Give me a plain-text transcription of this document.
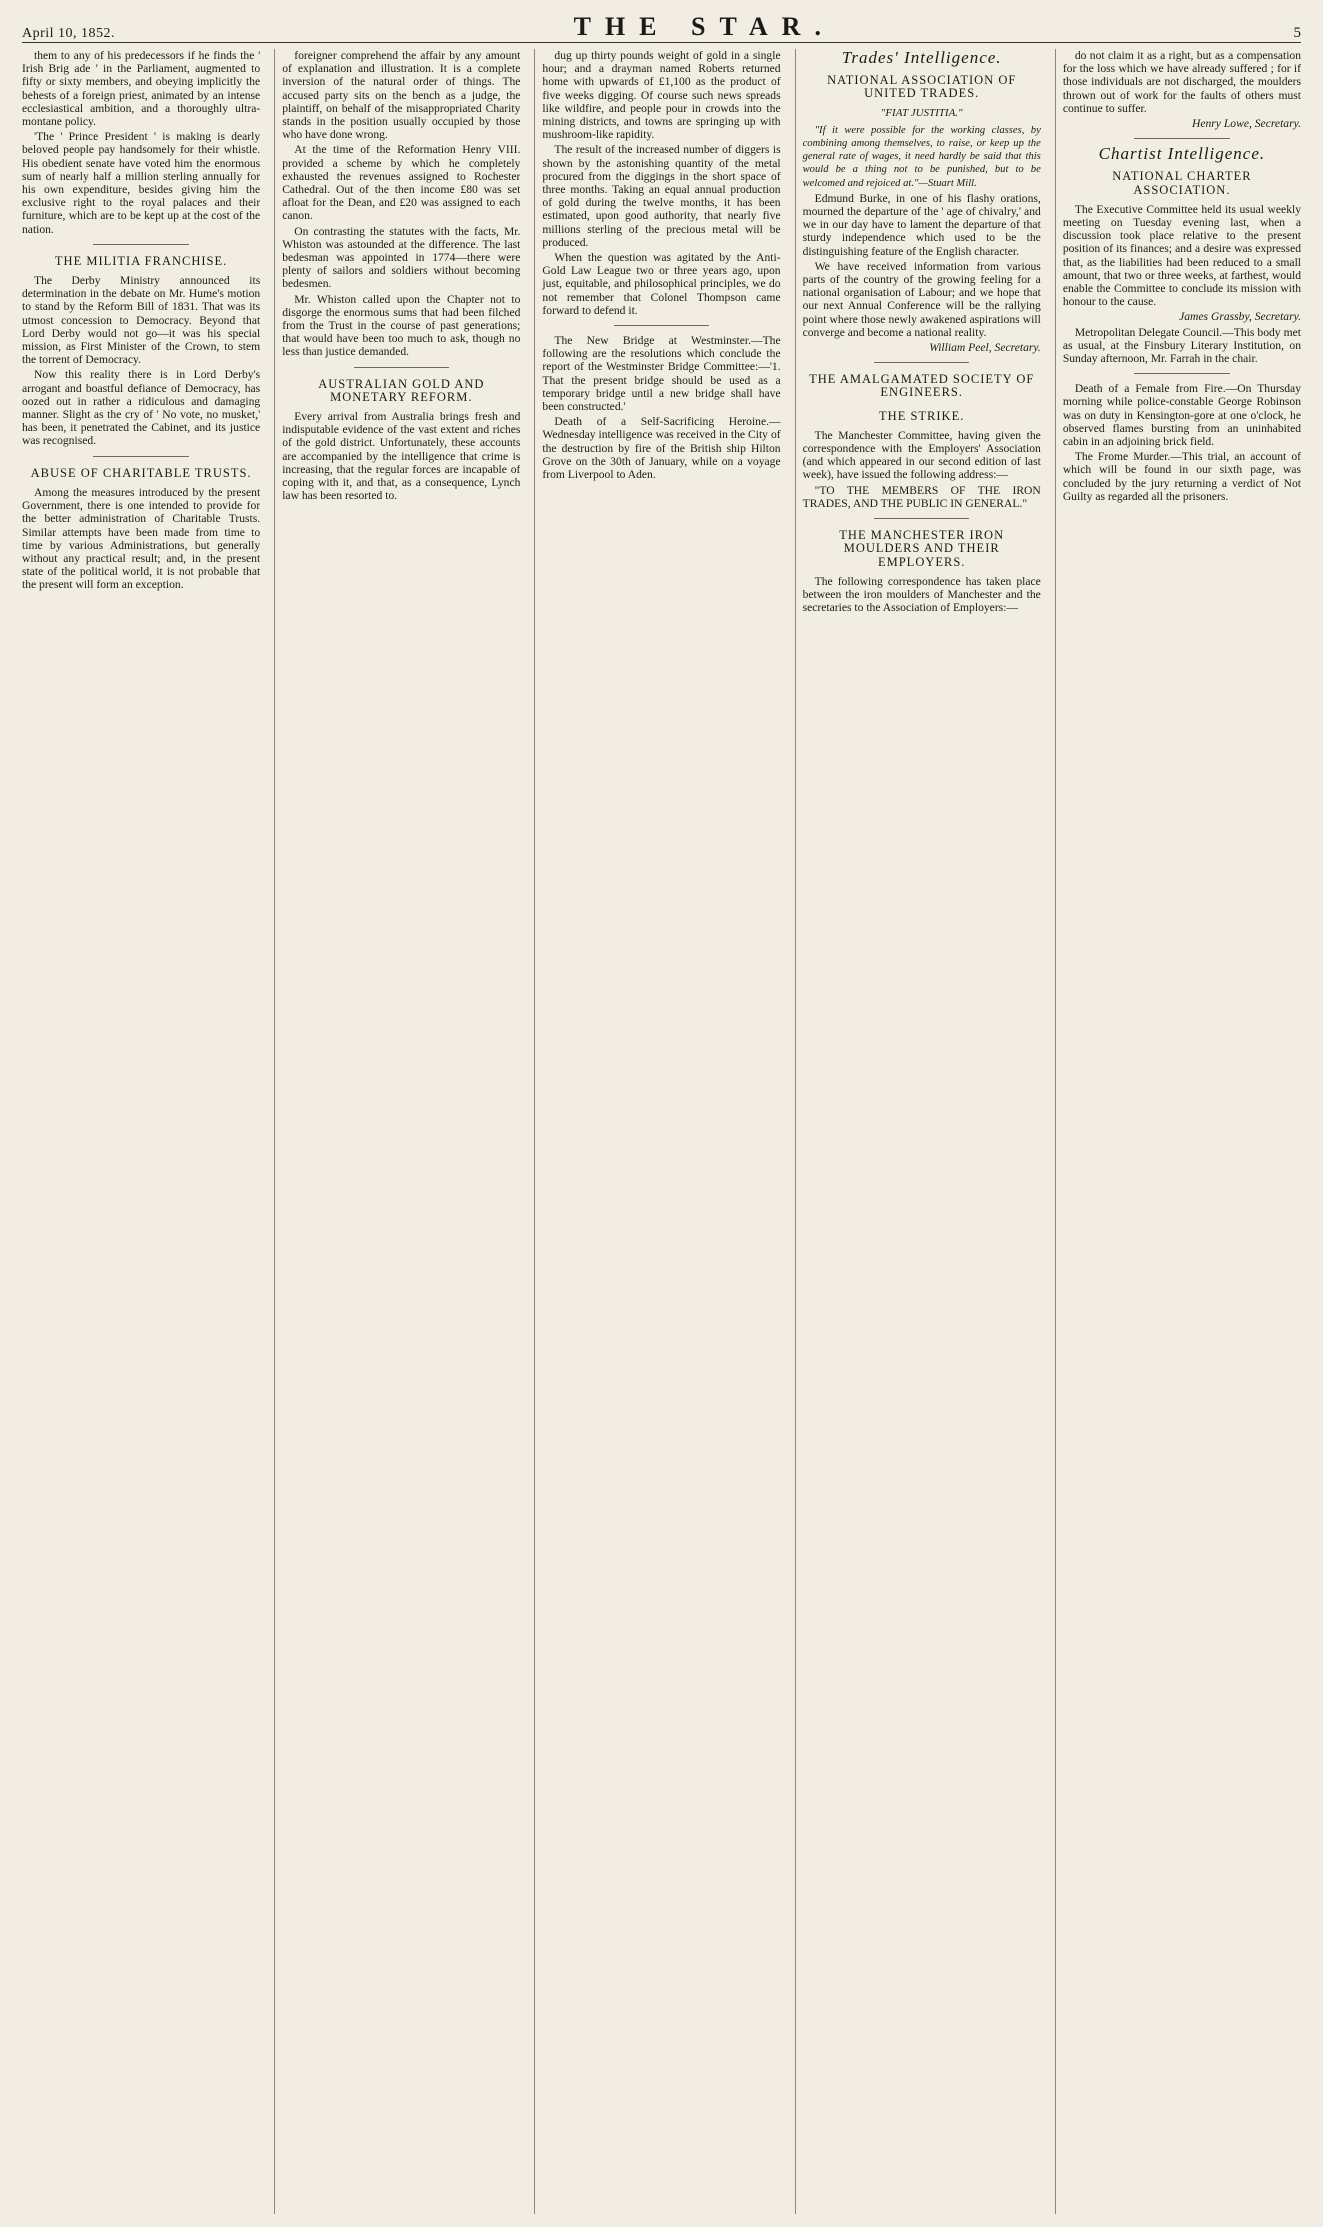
April 10, 1852.	THE STAR.	5

them to any of his predecessors if he finds the ' Irish Brig ade ' in the Parliament, augmented to fifty or sixty members, and obeying implicitly the behests of a foreign priest, animated by an intense ecclesiastical ambition, and a thoroughly ultra-montane policy.

'The ' Prince President ' is making is dearly beloved people pay handsomely for their whistle. His obedient senate have voted him the enormous sum of nearly half a million sterling annually for his own expenditure, besides giving him the exclusive right to the royal palaces and their furniture, which are to be kept up at the cost of the nation.

THE MILITIA FRANCHISE.

The Derby Ministry announced its determination in the debate on Mr. Hume's motion to stand by the Reform Bill of 1831. That was its utmost concession to Democracy. Beyond that Lord Derby would not go—it was his special mission, as First Minister of the Crown, to stem the torrent of Democracy.

Now this reality there is in Lord Derby's arrogant and boastful defiance of Democracy, has oozed out in rather a ridiculous and damaging manner. Slight as the cry of ' No vote, no musket,' has been, it penetrated the Cabinet, and its justice was recognised.

ABUSE OF CHARITABLE TRUSTS.

Among the measures introduced by the present Government, there is one intended to provide for the better administration of Charitable Trusts. Similar attempts have been made from time to time by various Administrations, but generally without any practical result; and, in the present state of the political world, it is not probable that the present will form an exception.

foreigner comprehend the affair by any amount of explanation and illustration. It is a complete inversion of the natural order of things. The accused party sits on the bench as a judge, the plaintiff, on behalf of the misappropriated Charity stands in the position usually occupied by those who have done wrong.

At the time of the Reformation Henry VIII. provided a scheme by which he completely exhausted the revenues assigned to Rochester Cathedral. Out of the then income £80 was set afloat for the Dean, and £20 was assigned to each canon.

On contrasting the statutes with the facts, Mr. Whiston was astounded at the difference. The last bedesman was appointed in 1774—there were plenty of sailors and soldiers without becoming bedesmen.

Mr. Whiston called upon the Chapter not to disgorge the enormous sums that had been filched from the Trust in the course of past generations; that would have been too much to ask, though no less than justice demanded.

AUSTRALIAN GOLD AND MONETARY REFORM.

Every arrival from Australia brings fresh and indisputable evidence of the vast extent and riches of the gold district. Unfortunately, these accounts are accompanied by the intelligence that crime is increasing, that the regular forces are incapable of coping with it, and that, as a consequence, Lynch law has been resorted to.

dug up thirty pounds weight of gold in a single hour; and a drayman named Roberts returned home with upwards of £1,100 as the product of five weeks digging. Of course such news spreads like wildfire, and people pour in crowds into the mining districts, and towns are springing up with mushroom-like rapidity.

The result of the increased number of diggers is shown by the astonishing quantity of the metal procured from the diggings in the short space of three months. Taking an equal annual production of gold during the twelve months, it has been estimated, upon good authority, that nearly five millions sterling of the precious metal will be produced.

When the question was agitated by the Anti-Gold Law League two or three years ago, upon just, equitable, and philosophical principles, we do not remember that Colonel Thompson came forward to defend it.

The New Bridge at Westminster.—The following are the resolutions which conclude the report of the Westminster Bridge Committee:—'1. That the present bridge should be used as a temporary bridge until a new bridge shall have been constructed.'

Death of a Self-Sacrificing Heroine.—Wednesday intelligence was received in the City of the destruction by fire of the British ship Hilton Grove on the 30th of January, while on a voyage from Liverpool to Aden.

Trades' Intelligence.
NATIONAL ASSOCIATION OF UNITED TRADES.
"FIAT JUSTITIA."

"If it were possible for the working classes, by combining among themselves, to raise, or keep up the general rate of wages, it need hardly be said that this would be a thing not to be punished, but to be welcomed and rejoiced at."—Stuart Mill.

Edmund Burke, in one of his flashy orations, mourned the departure of the ' age of chivalry,' and we in our day have to lament the departure of that sturdy independence which used to be the distinguishing feature of the English character.

We have received information from various parts of the country of the growing feeling for a national organisation of Labour; and we hope that our next Annual Conference will be the rallying point where those newly awakened aspirations will converge and become a national reality.

William Peel, Secretary.

THE AMALGAMATED SOCIETY OF ENGINEERS.
THE STRIKE.

The Manchester Committee, having given the correspondence with the Employers' Association (and which appeared in our second edition of last week), have issued the following address:—

"TO THE MEMBERS OF THE IRON TRADES, AND THE PUBLIC IN GENERAL."

THE MANCHESTER IRON MOULDERS AND THEIR EMPLOYERS.

The following correspondence has taken place between the iron moulders of Manchester and the secretaries to the Association of Employers:—

do not claim it as a right, but as a compensation for the loss which we have already suffered ; for if those individuals are not discharged, the moulders thrown out of work for the faults of others must continue to suffer.

Henry Lowe, Secretary.

Chartist Intelligence.
NATIONAL CHARTER ASSOCIATION.

The Executive Committee held its usual weekly meeting on Tuesday evening last, when a discussion took place relative to the present position of its finances; and a desire was expressed that, as the liabilities had been reduced to a small amount, that two or three weeks, at farthest, would enable the Committee to conclude its mission with honour to the cause.

James Grassby, Secretary.

Metropolitan Delegate Council.—This body met as usual, at the Finsbury Literary Institution, on Sunday afternoon, Mr. Farrah in the chair.

Death of a Female from Fire.—On Thursday morning while police-constable George Robinson was on duty in Kensington-gore at one o'clock, he observed flames bursting from an uninhabited cabin in an adjoining brick field.

The Frome Murder.—This trial, an account of which will be found in our sixth page, was concluded by the jury returning a verdict of Not Guilty as regarded all the prisoners.
